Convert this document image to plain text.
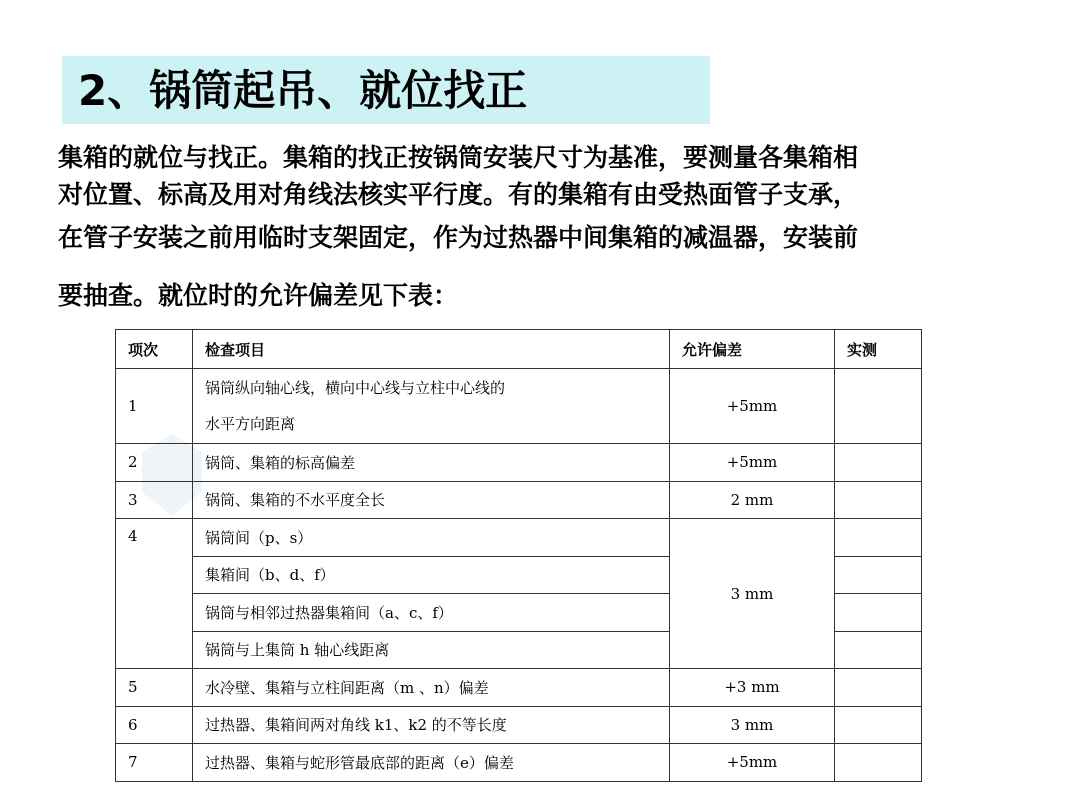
2、锅筒起吊、就位找正
集箱的就位与找正。集箱的找正按锅筒安装尺寸为基准，要测量各集箱相
对位置、标高及用对角线法核实平行度。有的集箱有由受热面管子支承，
在管子安装之前用临时支架固定，作为过热器中间集箱的减温器，安装前
要抽查。就位时的允许偏差见下表：
项次	检查项目	允许偏差	实测
1	锅筒纵向轴心线，横向中心线与立柱中心线的
水平方向距离	+5mm	
2	锅筒、集箱的标高偏差	+5mm	
3	锅筒、集箱的不水平度全长	2 mm	
4	锅筒间（p、s）	3 mm	
	集箱间（b、d、f）		
	锅筒与相邻过热器集箱间（a、c、f）		
	锅筒与上集筒 h 轴心线距离		
5	水冷壁、集箱与立柱间距离（m 、n）偏差	+3 mm	
6	过热器、集箱间两对角线 k1、k2 的不等长度	3 mm	
7	过热器、集箱与蛇形管最底部的距离（e）偏差	+5mm	
